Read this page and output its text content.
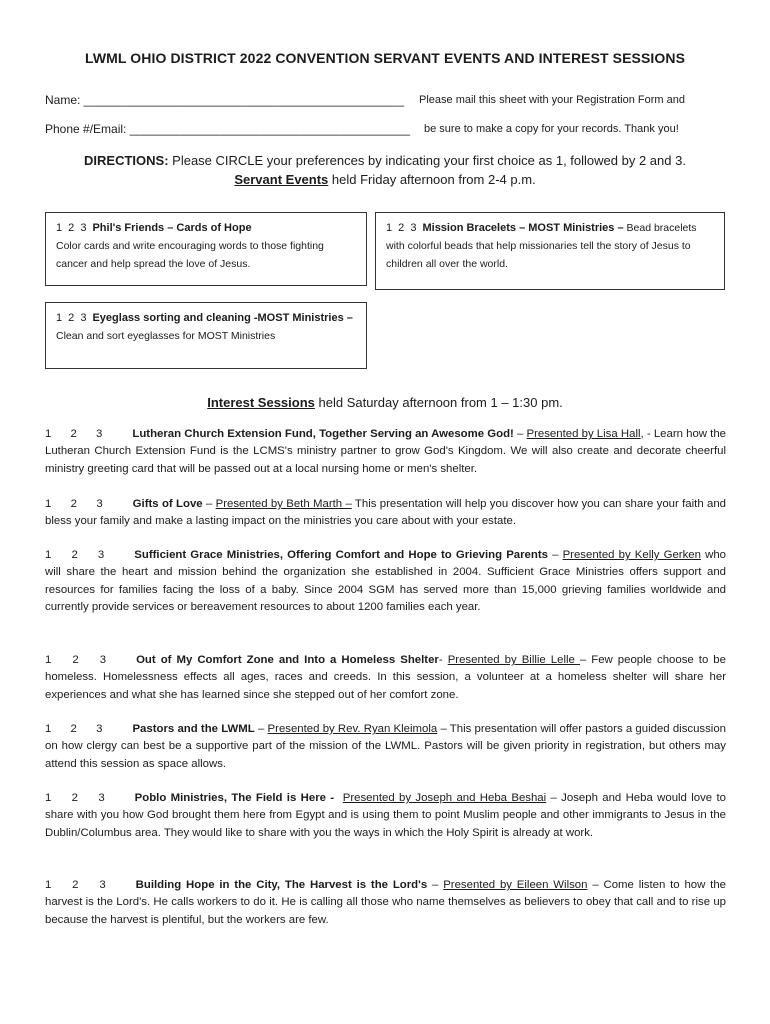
LWML OHIO DISTRICT 2022 CONVENTION SERVANT EVENTS AND INTEREST SESSIONS
Name: ________________________________________________ Please mail this sheet with your Registration Form and
Phone #/Email: __________________________________________ be sure to make a copy for your records. Thank you!
DIRECTIONS: Please CIRCLE your preferences by indicating your first choice as 1, followed by 2 and 3.
Servant Events held Friday afternoon from 2-4 p.m.
1 2 3 Phil's Friends – Cards of Hope
Color cards and write encouraging words to those fighting cancer and help spread the love of Jesus.
1 2 3 Mission Bracelets – MOST Ministries – Bead bracelets with colorful beads that help missionaries tell the story of Jesus to children all over the world.
1 2 3 Eyeglass sorting and cleaning -MOST Ministries – Clean and sort eyeglasses for MOST Ministries
Interest Sessions held Saturday afternoon from 1 – 1:30 pm.
1 2 3	Lutheran Church Extension Fund, Together Serving an Awesome God! – Presented by Lisa Hall, - Learn how the Lutheran Church Extension Fund is the LCMS's ministry partner to grow God's Kingdom. We will also create and decorate cheerful ministry greeting card that will be passed out at a local nursing home or men's shelter.
1 2 3	Gifts of Love – Presented by Beth Marth – This presentation will help you discover how you can share your faith and bless your family and make a lasting impact on the ministries you care about with your estate.
1 2 3	Sufficient Grace Ministries, Offering Comfort and Hope to Grieving Parents – Presented by Kelly Gerken who will share the heart and mission behind the organization she established in 2004. Sufficient Grace Ministries offers support and resources for families facing the loss of a baby. Since 2004 SGM has served more than 15,000 grieving families worldwide and currently provide services or bereavement resources to about 1200 families each year.
1 2 3	Out of My Comfort Zone and Into a Homeless Shelter- Presented by Billie Lelle – Few people choose to be homeless. Homelessness effects all ages, races and creeds. In this session, a volunteer at a homeless shelter will share her experiences and what she has learned since she stepped out of her comfort zone.
1 2 3	Pastors and the LWML – Presented by Rev. Ryan Kleimola – This presentation will offer pastors a guided discussion on how clergy can best be a supportive part of the mission of the LWML. Pastors will be given priority in registration, but others may attend this session as space allows.
1 2 3	Poblo Ministries, The Field is Here - Presented by Joseph and Heba Beshai – Joseph and Heba would love to share with you how God brought them here from Egypt and is using them to point Muslim people and other immigrants to Jesus in the Dublin/Columbus area. They would like to share with you the ways in which the Holy Spirit is already at work.
1 2 3	Building Hope in the City, The Harvest is the Lord's – Presented by Eileen Wilson – Come listen to how the harvest is the Lord's. He calls workers to do it. He is calling all those who name themselves as believers to obey that call and to rise up because the harvest is plentiful, but the workers are few.
